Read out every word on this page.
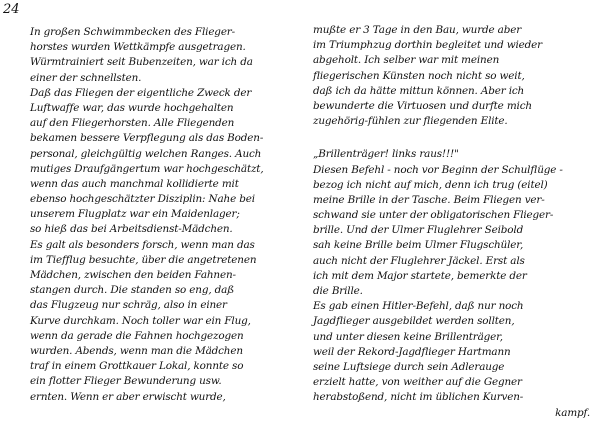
24
In großen Schwimmbecken des Flieger-
horstes wurden Wettkämpfe ausgetragen.
Würmtrainiert seit Bubenzeiten, war ich da
einer der schnellsten.
Daß das Fliegen der eigentliche Zweck der
Luftwaffe war, das wurde hochgehalten
auf den Fliegerhorsten. Alle Fliegenden
bekamen bessere Verpflegung als das Boden-
personal, gleichgültig welchen Ranges. Auch
mutiges Draufgängertum war hochgeschätzt,
wenn das auch manchmal kollidierte mit
ebenso hochgeschätzter Disziplin: Nahe bei
unserem Flugplatz war ein Maidenlager;
so hieß das bei Arbeitsdienst-Mädchen.
Es galt als besonders forsch, wenn man das
im Tiefflug besuchte, über die angetretenen
Mädchen, zwischen den beiden Fahnen-
stangen durch. Die standen so eng, daß
das Flugzeug nur schräg, also in einer
Kurve durchkam. Noch toller war ein Flug,
wenn da gerade die Fahnen hochgezogen
wurden. Abends, wenn man die Mädchen
traf in einem Grottkauer Lokal, konnte so
ein flotter Flieger Bewunderung usw.
ernten. Wenn er aber erwischt wurde,
mußte er 3 Tage in den Bau, wurde aber
im Triumphzug dorthin begleitet und wieder
abgeholt. Ich selber war mit meinen
fliegerischen Künsten noch nicht so weit,
daß ich da hätte mittun können. Aber ich
bewunderte die Virtuosen und durfte mich
zugehörig-fühlen zur fliegenden Elite.
„Brillenträger! links raus!!!"
Diesen Befehl - noch vor Beginn der Schulflüge -
bezog ich nicht auf mich, denn ich trug (eitel)
meine Brille in der Tasche. Beim Fliegen ver-
schwand sie unter der obligatorischen Flieger-
brille. Und der Ulmer Fluglehrer Seibold
sah keine Brille beim Ulmer Flugschüler,
auch nicht der Fluglehrer Jäckel. Erst als
ich mit dem Major startete, bemerkte der
die Brille.
Es gab einen Hitler-Befehl, daß nur noch
Jagdflieger ausgebildet werden sollten,
und unter diesen keine Brillenträger,
weil der Rekord-Jagdflieger Hartmann
seine Luftsiege durch sein Adlerauge
erzielt hatte, von weither auf die Gegner
herabstoßend, nicht im üblichen Kurven-
kampf.
